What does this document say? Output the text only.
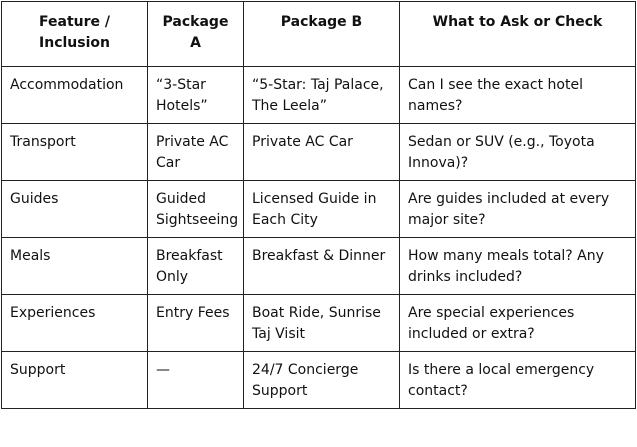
Feature / Inclusion	Package A	Package B	What to Ask or Check
Accommodation	“3-Star Hotels”	“5-Star: Taj Palace, The Leela”	Can I see the exact hotel names?
Transport	Private AC Car	Private AC Car	Sedan or SUV (e.g., Toyota Innova)?
Guides	Guided Sightseeing	Licensed Guide in Each City	Are guides included at every major site?
Meals	Breakfast Only	Breakfast & Dinner	How many meals total? Any drinks included?
Experiences	Entry Fees	Boat Ride, Sunrise Taj Visit	Are special experiences included or extra?
Support	—	24/7 Concierge Support	Is there a local emergency contact?
